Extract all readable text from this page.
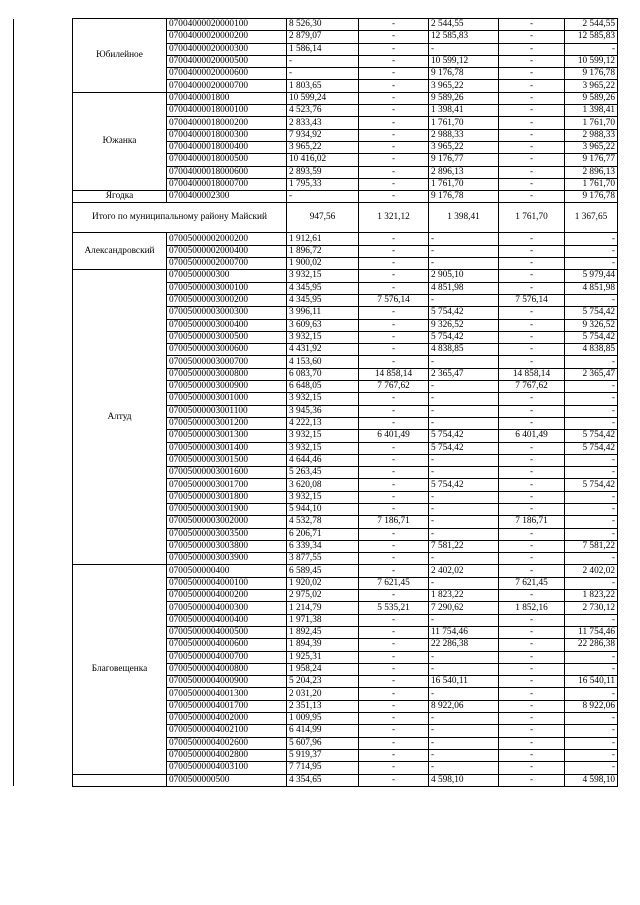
	Юбилейное	07004000020000100	8 526,30	-	2 544,55	-	2 544,55
		07004000020000200	2 879,07	-	12 585,83	-	12 585,83
		07004000020000300	1 586,14	-	-	-	-
		07004000020000500	-	-	10 599,12	-	10 599,12
		07004000020000600	-	-	9 176,78	-	9 176,78
		07004000020000700	1 803,65	-	3 965,22	-	3 965,22
	Южанка	0700400001800	10 599,24	-	9 589,26	-	9 589,26
		07004000018000100	4 523,76	-	1 398,41	-	1 398,41
		07004000018000200	2 833,43	-	1 761,70	-	1 761,70
		07004000018000300	7 934,92	-	2 988,33	-	2 988,33
		07004000018000400	3 965,22	-	3 965,22	-	3 965,22
		07004000018000500	10 416,02	-	9 176,77	-	9 176,77
		07004000018000600	2 893,59	-	2 896,13	-	2 896,13
		07004000018000700	1 795,33	-	1 761,70	-	1 761,70
	Ягодка	0700400002300	-	-	9 176,78	-	9 176,78
	Итого по муниципальному району Майский		947,56	1 321,12	1 398,41	1 761,70	1 367,65
	Александровский	07005000002000200	1 912,61	-	-	-	-
		07005000002000400	1 896,72	-	-	-	-
		07005000002000700	1 900,02	-	-	-	-
	Алтуд	0700500000300	3 932,15	-	2 905,10	-	5 979,44
		07005000003000100	4 345,95	-	4 851,98	-	4 851,98
		07005000003000200	4 345,95	7 576,14	-	7 576,14	-
		07005000003000300	3 996,11	-	5 754,42	-	5 754,42
		07005000003000400	3 609,63	-	9 326,52	-	9 326,52
		07005000003000500	3 932,15	-	5 754,42	-	5 754,42
		07005000003000600	4 431,92	-	4 838,85	-	4 838,85
		07005000003000700	4 153,60	-	-	-	-
		07005000003000800	6 083,70	14 858,14	2 365,47	14 858,14	2 365,47
		07005000003000900	6 648,05	7 767,62	-	7 767,62	-
		07005000003001000	3 932,15	-	-	-	-
		07005000003001100	3 945,36	-	-	-	-
		07005000003001200	4 222,13	-	-	-	-
		07005000003001300	3 932,15	6 401,49	5 754,42	6 401,49	5 754,42
		07005000003001400	3 932,15	-	5 754,42	-	5 754,42
		07005000003001500	4 644,46	-	-	-	-
		07005000003001600	5 263,45	-	-	-	-
		07005000003001700	3 620,08	-	5 754,42	-	5 754,42
		07005000003001800	3 932,15	-	-	-	-
		07005000003001900	5 944,10	-	-	-	-
		07005000003002000	4 532,78	7 186,71	-	7 186,71	-
		07005000003003500	6 206,71	-	-	-	-
		07005000003003800	6 339,34	-	7 581,22	-	7 581,22
		07005000003003900	3 877,55	-	-	-	-
	Благовещенка	0700500000400	6 589,45	-	2 402,02	-	2 402,02
		07005000004000100	1 920,02	7 621,45	-	7 621,45	-
		07005000004000200	2 975,02	-	1 823,22	-	1 823,22
		07005000004000300	1 214,79	5 535,21	7 290,62	1 852,16	2 730,12
		07005000004000400	1 971,38	-	-	-	-
		07005000004000500	1 892,45	-	11 754,46	-	11 754,46
		07005000004000600	1 894,39	-	22 286,38	-	22 286,38
		07005000004000700	1 925,31	-	-	-	-
		07005000004000800	1 958,24	-	-	-	-
		07005000004000900	5 204,23	-	16 540,11	-	16 540,11
		07005000004001300	2 031,20	-	-	-	-
		07005000004001700	2 351,13	-	8 922,06	-	8 922,06
		07005000004002000	1 009,95	-	-	-	-
		07005000004002100	6 414,99	-	-	-	-
		07005000004002600	5 607,96	-	-	-	-
		07005000004002800	5 919,37	-	-	-	-
		07005000004003100	7 714,95	-	-	-	-
		0700500000500	4 354,65	-	4 598,10	-	4 598,10
